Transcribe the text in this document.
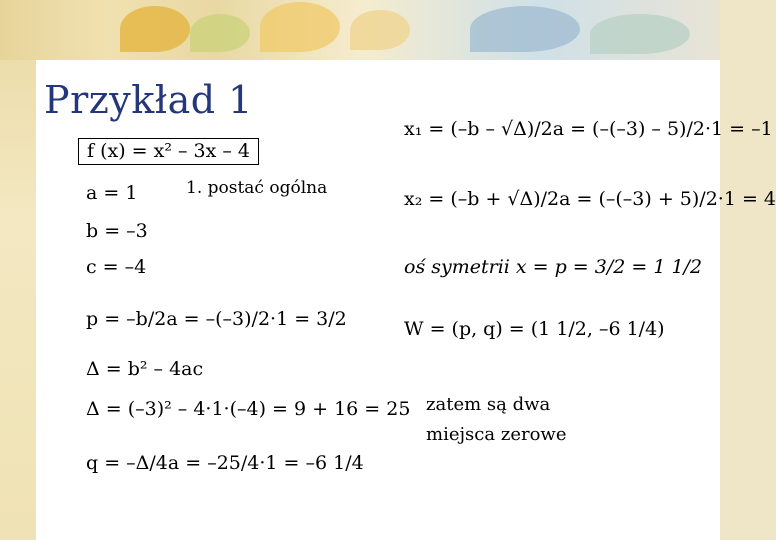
Przykład 1
f (x) = x² – 3x – 4
a = 1	1. postać ogólna
b = –3
c = –4
p = –b/2a = –(–3)/2·1 = 3/2
Δ = b² – 4ac
Δ = (–3)² – 4·1·(–4) = 9 + 16 = 25
q = –Δ/4a = –25/4·1 = –6 1/4
x₁ = (–b – √Δ)/2a = (–(–3) – 5)/2·1 = –1
x₂ = (–b + √Δ)/2a = (–(–3) + 5)/2·1 = 4
oś symetrii x = p = 3/2 = 1 1/2
W = (p, q) = (1 1/2, –6 1/4)
zatem są dwa
miejsca zerowe
